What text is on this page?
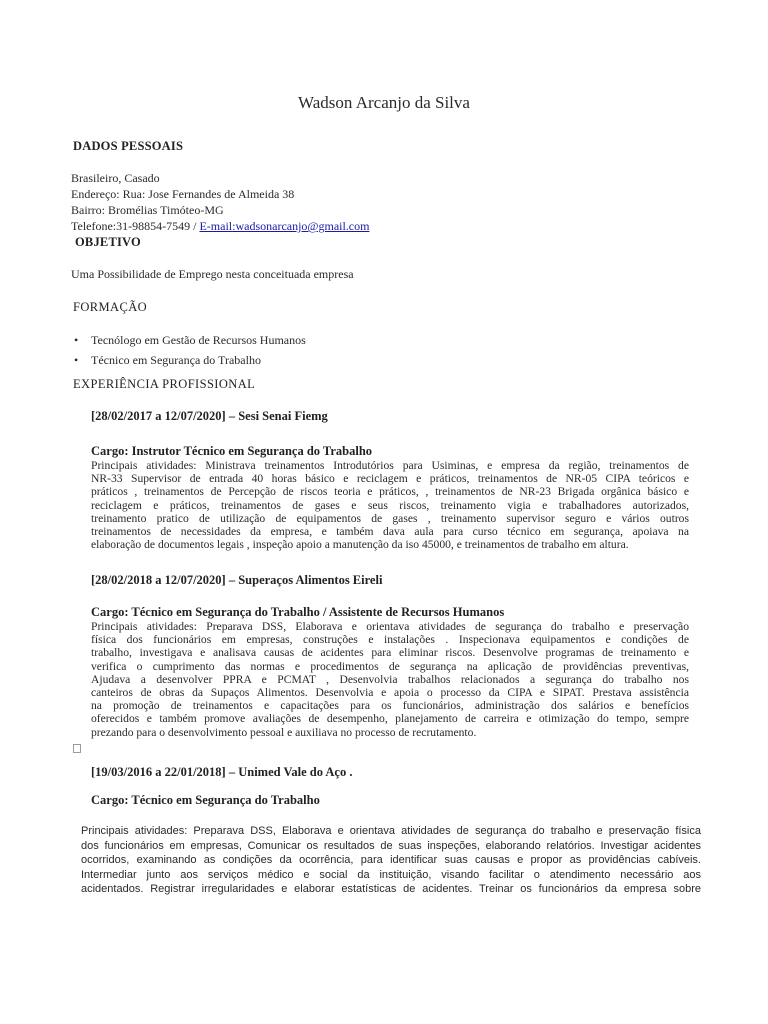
Wadson Arcanjo da Silva
DADOS PESSOAIS
Brasileiro, Casado
Endereço: Rua: Jose Fernandes de Almeida 38
Bairro: Bromélias Timóteo-MG
Telefone:31-98854-7549 / E-mail:wadsonarcanjo@gmail.com
OBJETIVO
Uma Possibilidade de Emprego nesta conceituada empresa
FORMAÇÃO
• Tecnólogo em Gestão de Recursos Humanos
• Técnico em Segurança do Trabalho
EXPERIÊNCIA PROFISSIONAL
[28/02/2017 a 12/07/2020] – Sesi Senai Fiemg
Cargo: Instrutor Técnico em Segurança do Trabalho
Principais atividades: Ministrava treinamentos Introdutórios para Usiminas, e empresa da região, treinamentos de
NR-33 Supervisor de entrada 40 horas básico e reciclagem e práticos, treinamentos de NR-05 CIPA teóricos e
práticos , treinamentos de Percepção de riscos teoria e práticos, , treinamentos de NR-23 Brigada orgânica básico e
reciclagem e práticos, treinamentos de gases e seus riscos, treinamento vigia e trabalhadores autorizados,
treinamento pratico de utilização de equipamentos de gases , treinamento supervisor seguro e vários outros
treinamentos de necessidades da empresa, e também dava aula para curso técnico em segurança, apoiava na
elaboração de documentos legais , inspeção apoio a manutenção da iso 45000, e treinamentos de trabalho em altura.
[28/02/2018 a 12/07/2020] – Superaços Alimentos Eireli
Cargo: Técnico em Segurança do Trabalho / Assistente de Recursos Humanos
Principais atividades: Preparava DSS, Elaborava e orientava atividades de segurança do trabalho e preservação
física dos funcionários em empresas, construções e instalações . Inspecionava equipamentos e condições de
trabalho, investigava e analisava causas de acidentes para eliminar riscos. Desenvolve programas de treinamento e
verifica o cumprimento das normas e procedimentos de segurança na aplicação de providências preventivas,
Ajudava a desenvolver PPRA e PCMAT , Desenvolvia trabalhos relacionados a segurança do trabalho nos
canteiros de obras da Supaços Alimentos. Desenvolvia e apoia o processo da CIPA e SIPAT. Prestava assistência
na promoção de treinamentos e capacitações para os funcionários, administração dos salários e benefícios
oferecidos e também promove avaliações de desempenho, planejamento de carreira e otimização do tempo, sempre
prezando para o desenvolvimento pessoal e auxiliava no processo de recrutamento.
[19/03/2016 a 22/01/2018] – Unimed Vale do Aço .
Cargo: Técnico em Segurança do Trabalho
Principais atividades: Preparava DSS, Elaborava e orientava atividades de segurança do trabalho e preservação física
dos funcionários em empresas, Comunicar os resultados de suas inspeções, elaborando relatórios. Investigar acidentes
ocorridos, examinando as condições da ocorrência, para identificar suas causas e propor as providências cabíveis.
Intermediar junto aos serviços médico e social da instituição, visando facilitar o atendimento necessário aos
acidentados. Registrar irregularidades e elaborar estatísticas de acidentes. Treinar os funcionários da empresa sobre
